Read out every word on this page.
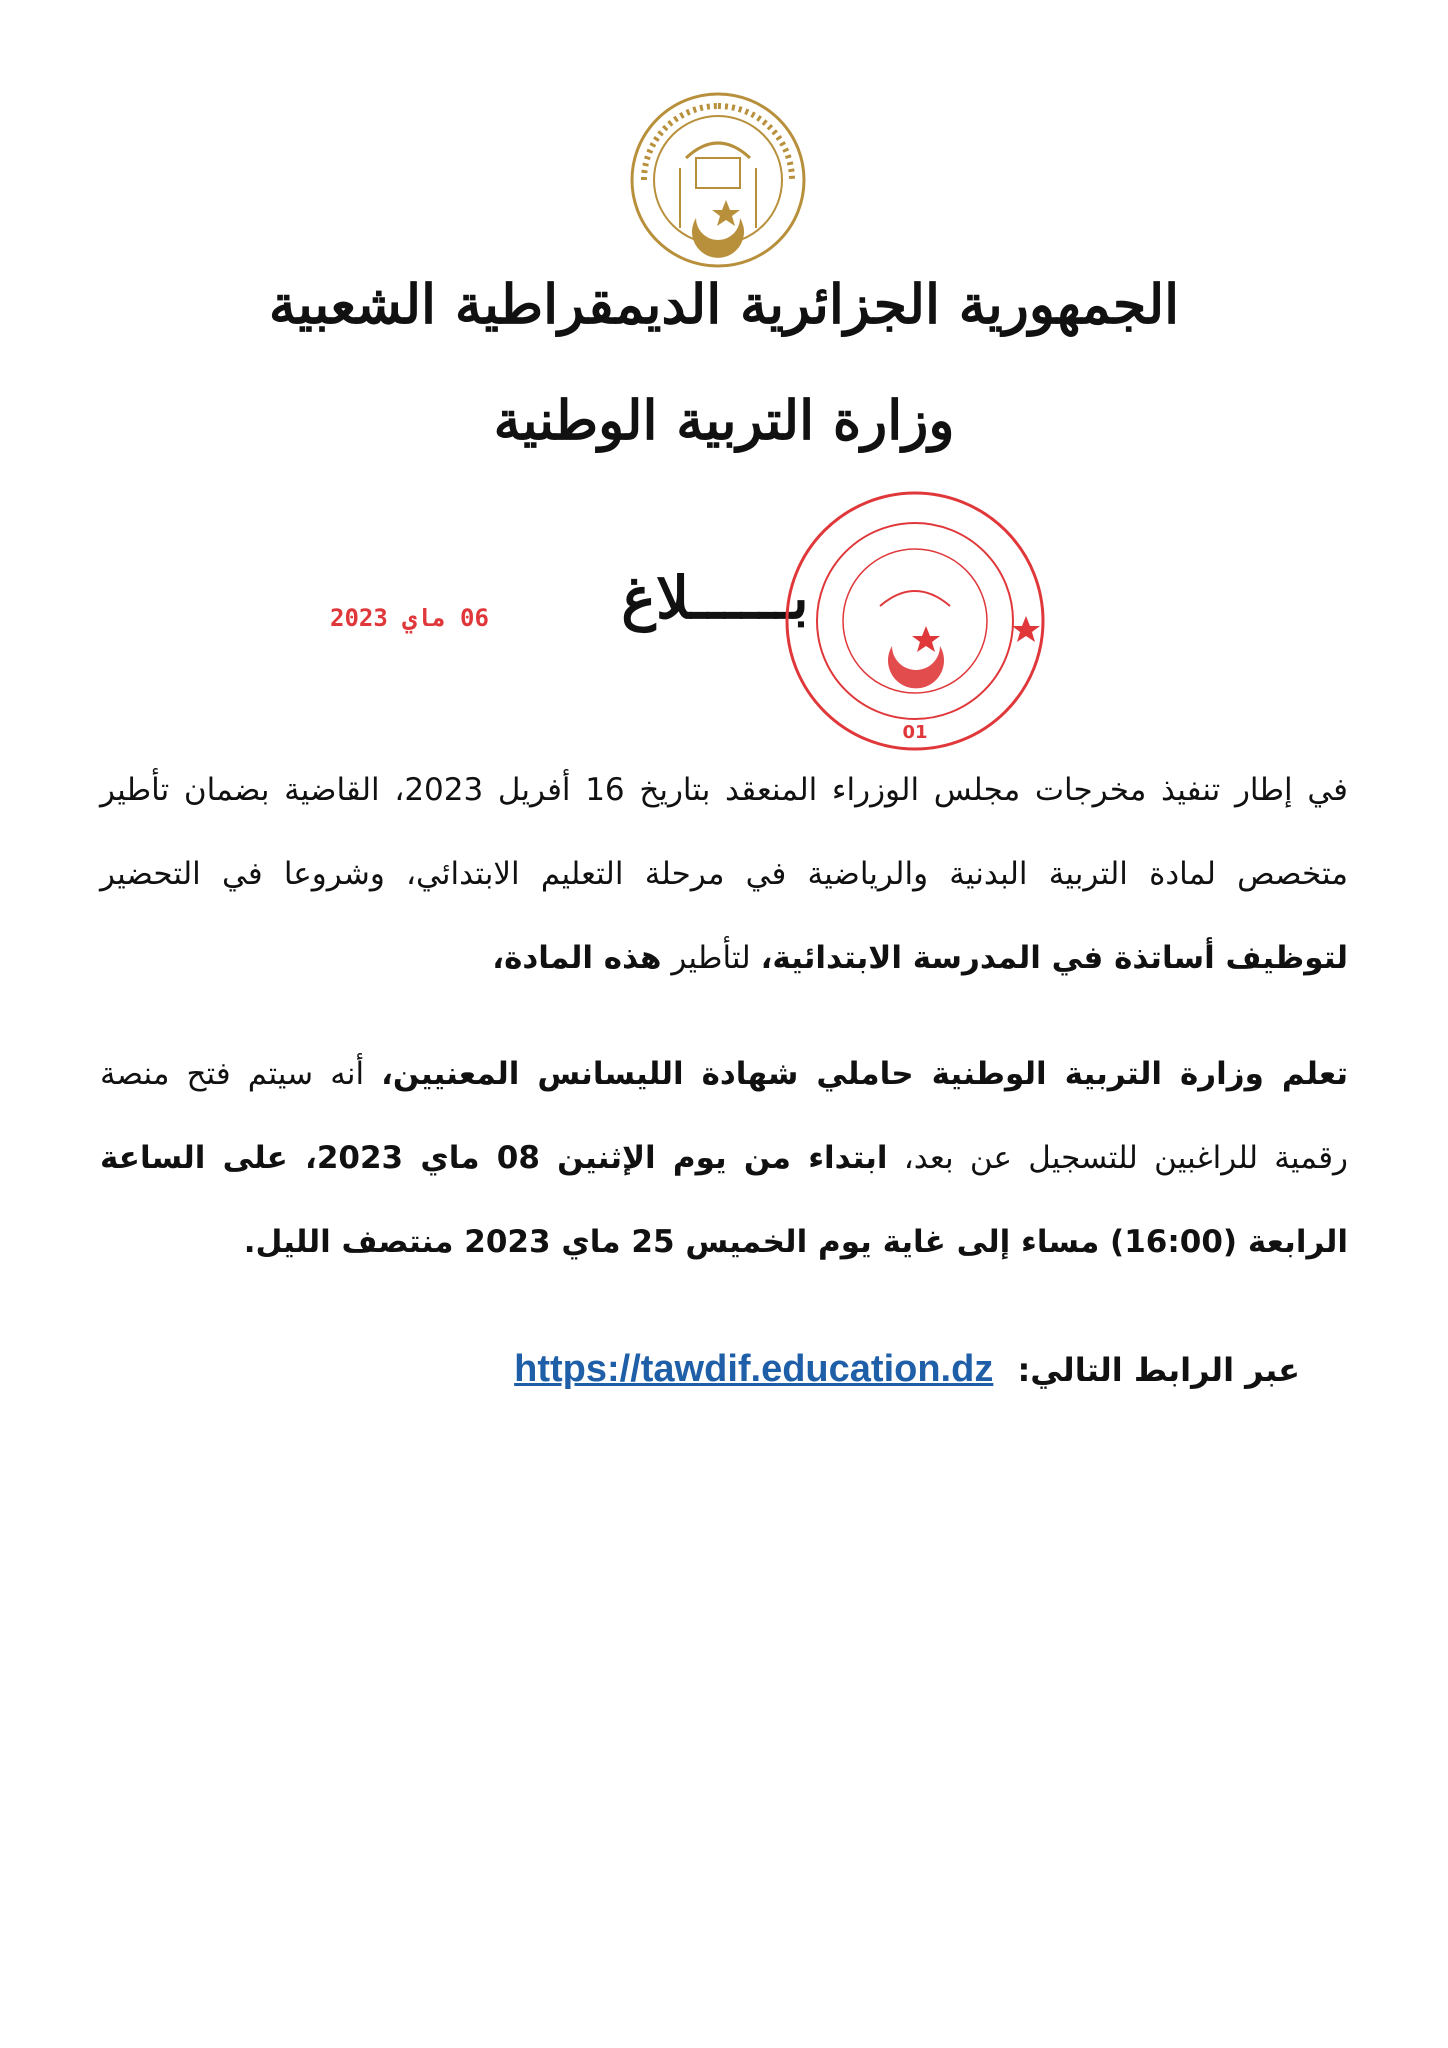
الجمهورية الجزائرية الديمقراطية الشعبية
وزارة التربية الوطنية
06 ماي 2023	بــــــلاغ
01
في إطار تنفيذ مخرجات مجلس الوزراء المنعقد بتاريخ 16 أفريل 2023، القاضية بضمان تأطير متخصص لمادة التربية البدنية والرياضية في مرحلة التعليم الابتدائي، وشروعا في التحضير لتوظيف أساتذة في المدرسة الابتدائية، لتأطير هذه المادة،
تعلم وزارة التربية الوطنية حاملي شهادة الليسانس المعنيين، أنه سيتم فتح منصة رقمية للراغبين للتسجيل عن بعد، ابتداء من يوم الإثنين 08 ماي 2023، على الساعة الرابعة (16:00) مساء إلى غاية يوم الخميس 25 ماي 2023 منتصف الليل.
عبر الرابط التالي: https://tawdif.education.dz
